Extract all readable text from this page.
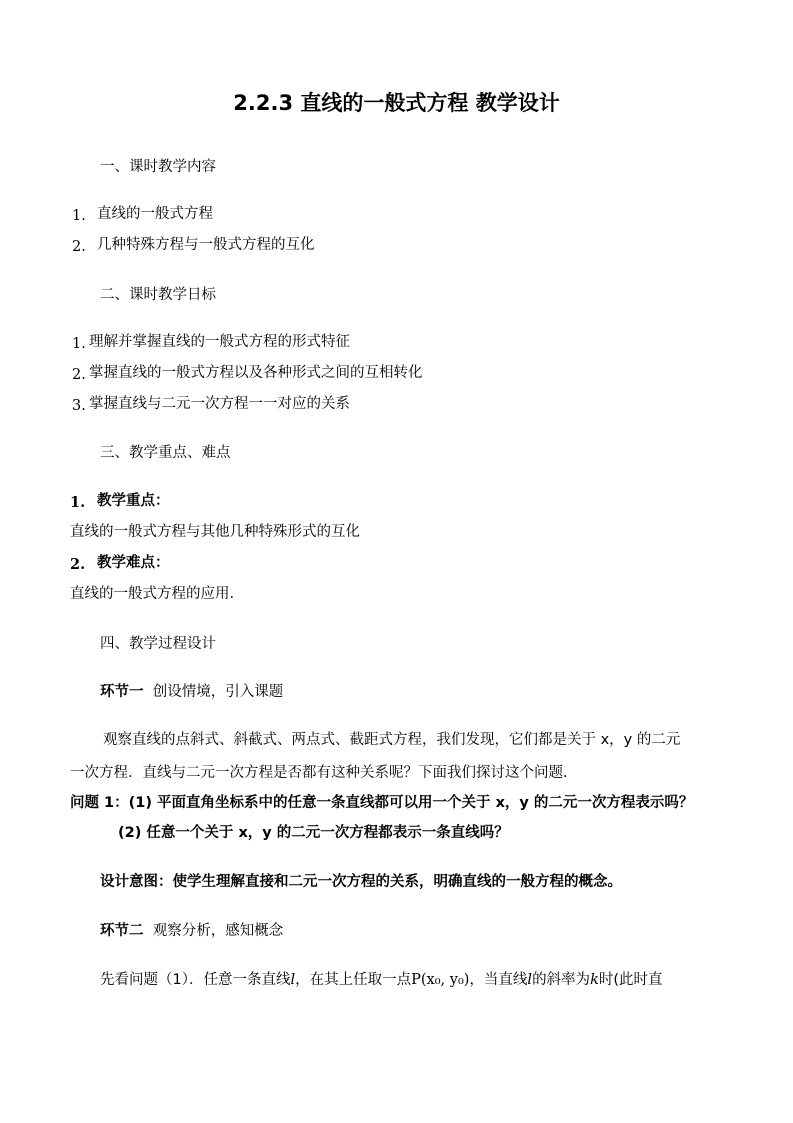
2.2.3 直线的一般式方程 教学设计
一、课时教学内容
1. 直线的一般式方程
2. 几种特殊方程与一般式方程的互化
二、课时教学日标
1. 理解并掌握直线的一般式方程的形式特征
2. 掌握直线的一般式方程以及各种形式之间的互相转化
3. 掌握直线与二元一次方程一一对应的关系
三、教学重点、难点
1. 教学重点：
直线的一般式方程与其他几种特殊形式的互化
2. 教学难点：
直线的一般式方程的应用.
四、教学过程设计
环节一 创设情境，引入课题
观察直线的点斜式、斜截式、两点式、截距式方程，我们发现，它们都是关于 x，y 的二元
一次方程．直线与二元一次方程是否都有这种关系呢？下面我们探讨这个问题.
问题 1：(1) 平面直角坐标系中的任意一条直线都可以用一个关于 x，y 的二元一次方程表示吗？
(2) 任意一个关于 x，y 的二元一次方程都表示一条直线吗？
设计意图：使学生理解直接和二元一次方程的关系，明确直线的一般方程的概念。
环节二 观察分析，感知概念
先看问题（1）．任意一条直线l，在其上任取一点P(x₀, y₀)，当直线l的斜率为k时(此时直
